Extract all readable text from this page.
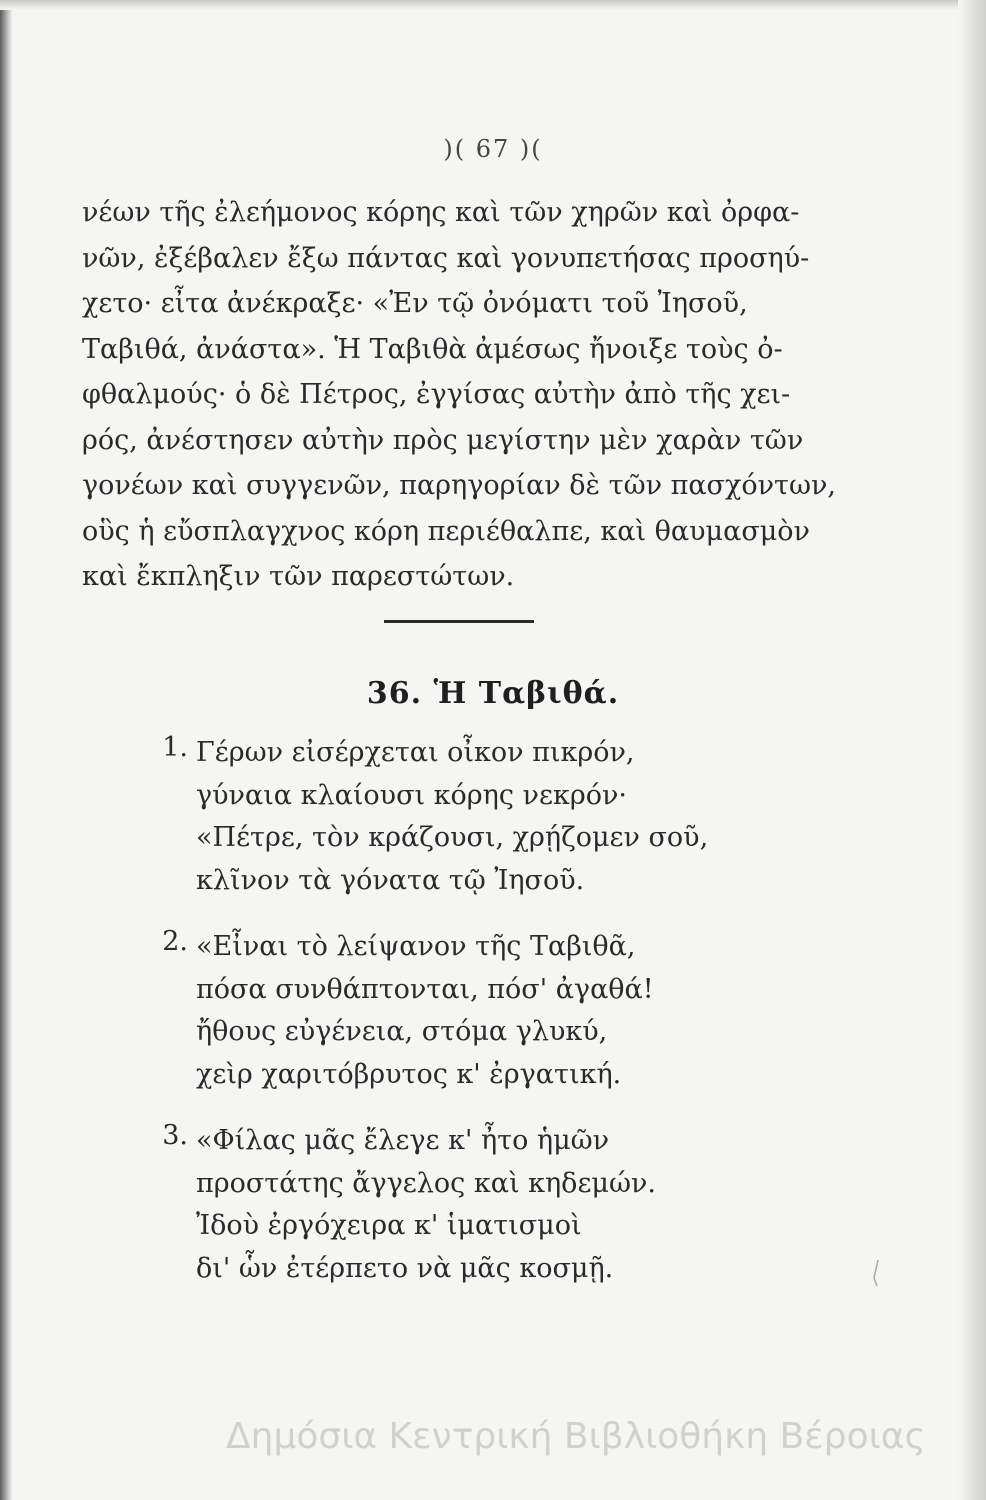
)( 67 )(
νέων τῆς ἐλεήμονος κόρης καὶ τῶν χηρῶν καὶ ὀρφα-
νῶν, ἐξέβαλεν ἔξω πάντας καὶ γονυπετήσας προσηύ-
χετο· εἶτα ἀνέκραξε· «Ἐν τῷ ὀνόματι τοῦ Ἰησοῦ,
Ταβιθά, ἀνάστα». Ἡ Ταβιθὰ ἀμέσως ἤνοιξε τοὺς ὀ-
φθαλμούς· ὁ δὲ Πέτρος, ἐγγίσας αὐτὴν ἀπὸ τῆς χει-
ρός, ἀνέστησεν αὐτὴν πρὸς μεγίστην μὲν χαρὰν τῶν
γονέων καὶ συγγενῶν, παρηγορίαν δὲ τῶν πασχόντων,
οὓς ἡ εὔσπλαγχνος κόρη περιέθαλπε, καὶ θαυμασμὸν
καὶ ἔκπληξιν τῶν παρεστώτων.
36. Ἡ Ταβιθά.
1. Γέρων εἰσέρχεται οἶκον πικρόν,
γύναια κλαίουσι κόρης νεκρόν·
«Πέτρε, τὸν κράζουσι, χρῄζομεν σοῦ,
κλῖνον τὰ γόνατα τῷ Ἰησοῦ.
2. «Εἶναι τὸ λείψανον τῆς Ταβιθᾶ,
πόσα συνθάπτονται, πόσ' ἀγαθά!
ἤθους εὐγένεια, στόμα γλυκύ,
χεὶρ χαριτόβρυτος κ' ἐργατική.
3. «Φίλας μᾶς ἔλεγε κ' ἦτο ἡμῶν
προστάτης ἄγγελος καὶ κηδεμών.
Ἰδοὺ ἐργόχειρα κ' ἱματισμοὶ
δι' ὧν ἐτέρπετο νὰ μᾶς κοσμῇ.
Δημόσια Κεντρική Βιβλιοθήκη Βέροιας
